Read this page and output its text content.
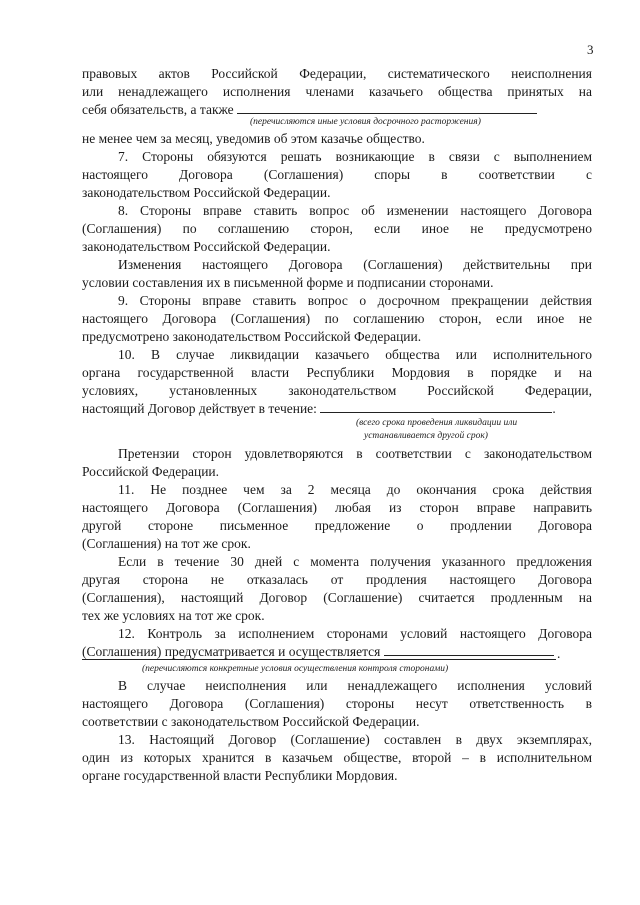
3
правовых актов Российской Федерации, систематического неисполнения
или ненадлежащего исполнения членами казачьего общества принятых на
себя обязательств, а также
(перечисляются иные условия досрочного расторжения)
не менее чем за месяц, уведомив об этом казачье общество.
7. Стороны обязуются решать возникающие в связи с выполнением
настоящего Договора (Соглашения) споры в соответствии с
законодательством Российской Федерации.
8. Стороны вправе ставить вопрос об изменении настоящего Договора
(Соглашения) по соглашению сторон, если иное не предусмотрено
законодательством Российской Федерации.
Изменения настоящего Договора (Соглашения) действительны при
условии составления их в письменной форме и подписании сторонами.
9. Стороны вправе ставить вопрос о досрочном прекращении действия
настоящего Договора (Соглашения) по соглашению сторон, если иное не
предусмотрено законодательством Российской Федерации.
10. В случае ликвидации казачьего общества или исполнительного
органа государственной власти Республики Мордовия в порядке и на
условиях, установленных законодательством Российской Федерации,
настоящий Договор действует в течение:	.
(всего срока проведения ликвидации или
устанавливается другой срок)
Претензии сторон удовлетворяются в соответствии с законодательством
Российской Федерации.
11. Не позднее чем за 2 месяца до окончания срока действия
настоящего Договора (Соглашения) любая из сторон вправе направить
другой стороне письменное предложение о продлении Договора
(Соглашения) на тот же срок.
Если в течение 30 дней с момента получения указанного предложения
другая сторона не отказалась от продления настоящего Договора
(Соглашения), настоящий Договор (Соглашение) считается продленным на
тех же условиях на тот же срок.
12. Контроль за исполнением сторонами условий настоящего Договора
(Соглашения) предусматривается и осуществляется	.
(перечисляются конкретные условия осуществления контроля сторонами)
В случае неисполнения или ненадлежащего исполнения условий
настоящего Договора (Соглашения) стороны несут ответственность в
соответствии с законодательством Российской Федерации.
13. Настоящий Договор (Соглашение) составлен в двух экземплярах,
один из которых хранится в казачьем обществе, второй – в исполнительном
органе государственной власти Республики Мордовия.
